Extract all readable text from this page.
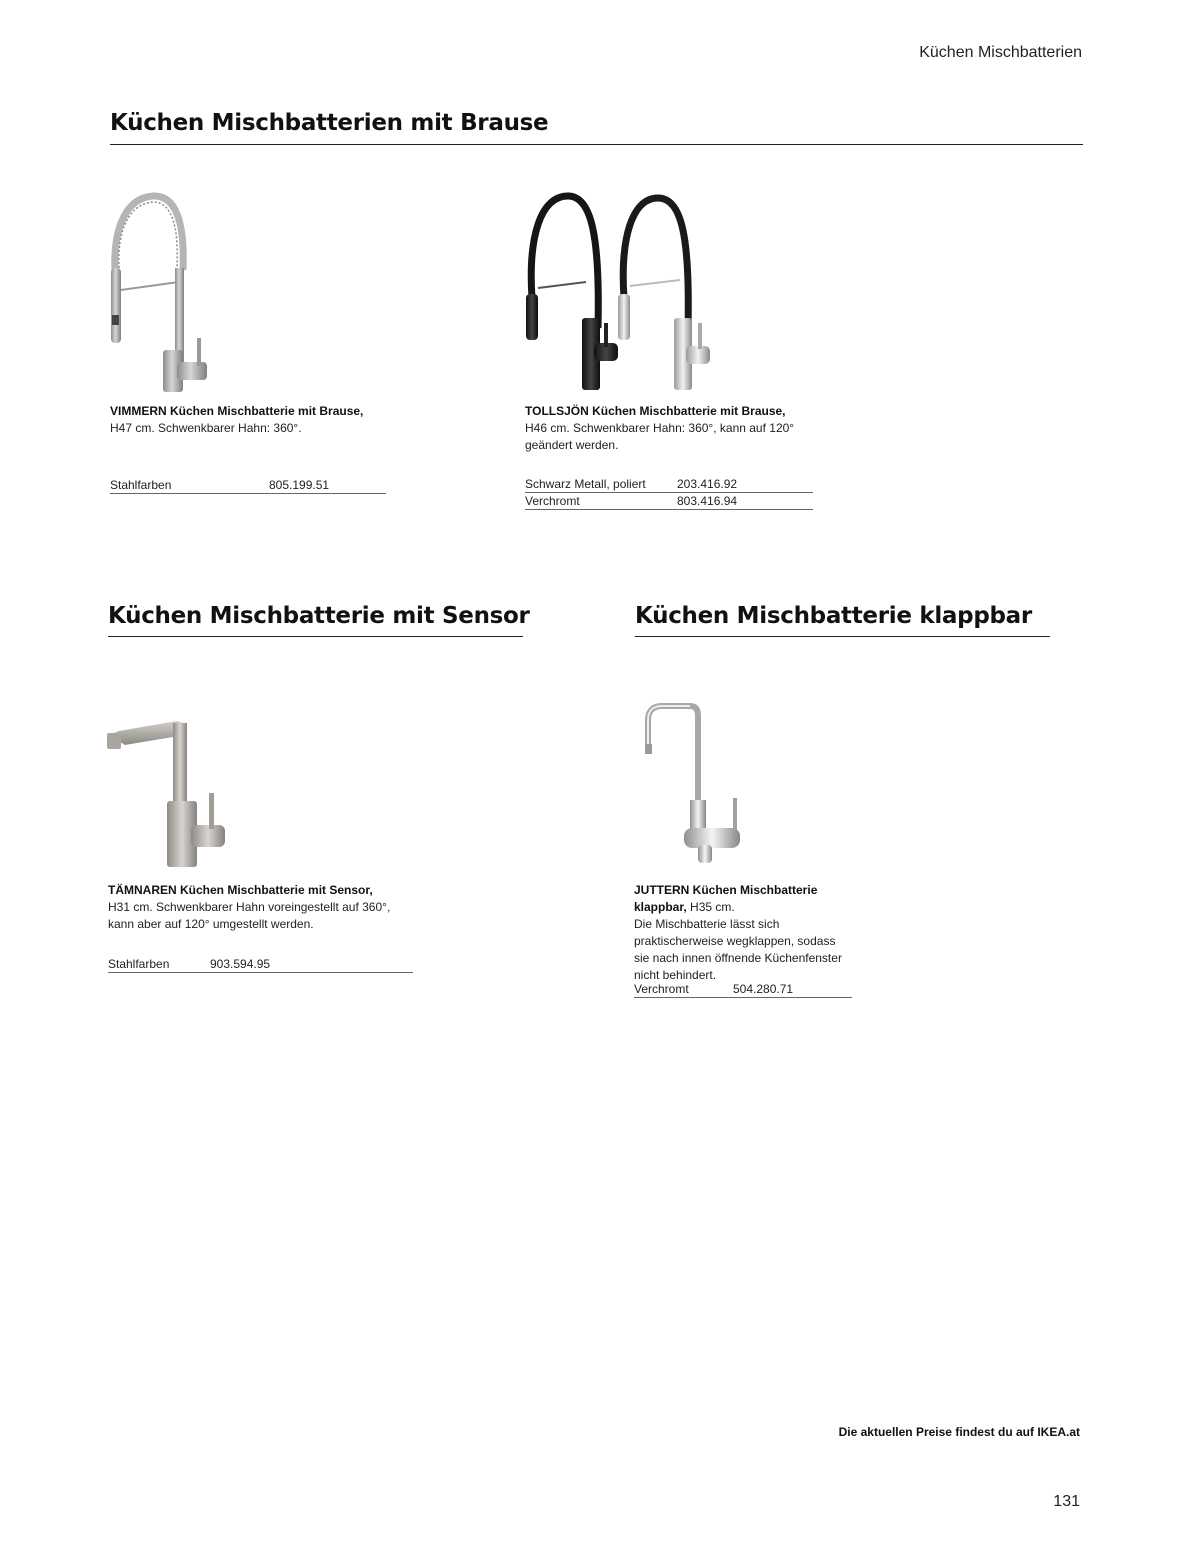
Küchen Mischbatterien
Küchen Mischbatterien mit Brause
VIMMERN Küchen Mischbatterie mit Brause,
H47 cm. Schwenkbarer Hahn: 360°.
Stahlfarben	805.199.51
TOLLSJÖN Küchen Mischbatterie mit Brause,
H46 cm. Schwenkbarer Hahn: 360°, kann auf 120° geändert werden.
Schwarz Metall, poliert	203.416.92
Verchromt	803.416.94
Küchen Mischbatterie mit Sensor
TÄMNAREN Küchen Mischbatterie mit Sensor,
H31 cm. Schwenkbarer Hahn voreingestellt auf 360°, kann aber auf 120° umgestellt werden.
Stahlfarben	903.594.95
Küchen Mischbatterie klappbar
JUTTERN Küchen Mischbatterie klappbar, H35 cm.
Die Mischbatterie lässt sich praktischerweise wegklappen, sodass sie nach innen öffnende Küchenfenster nicht behindert.
Verchromt	504.280.71
Die aktuellen Preise findest du auf IKEA.at
131
